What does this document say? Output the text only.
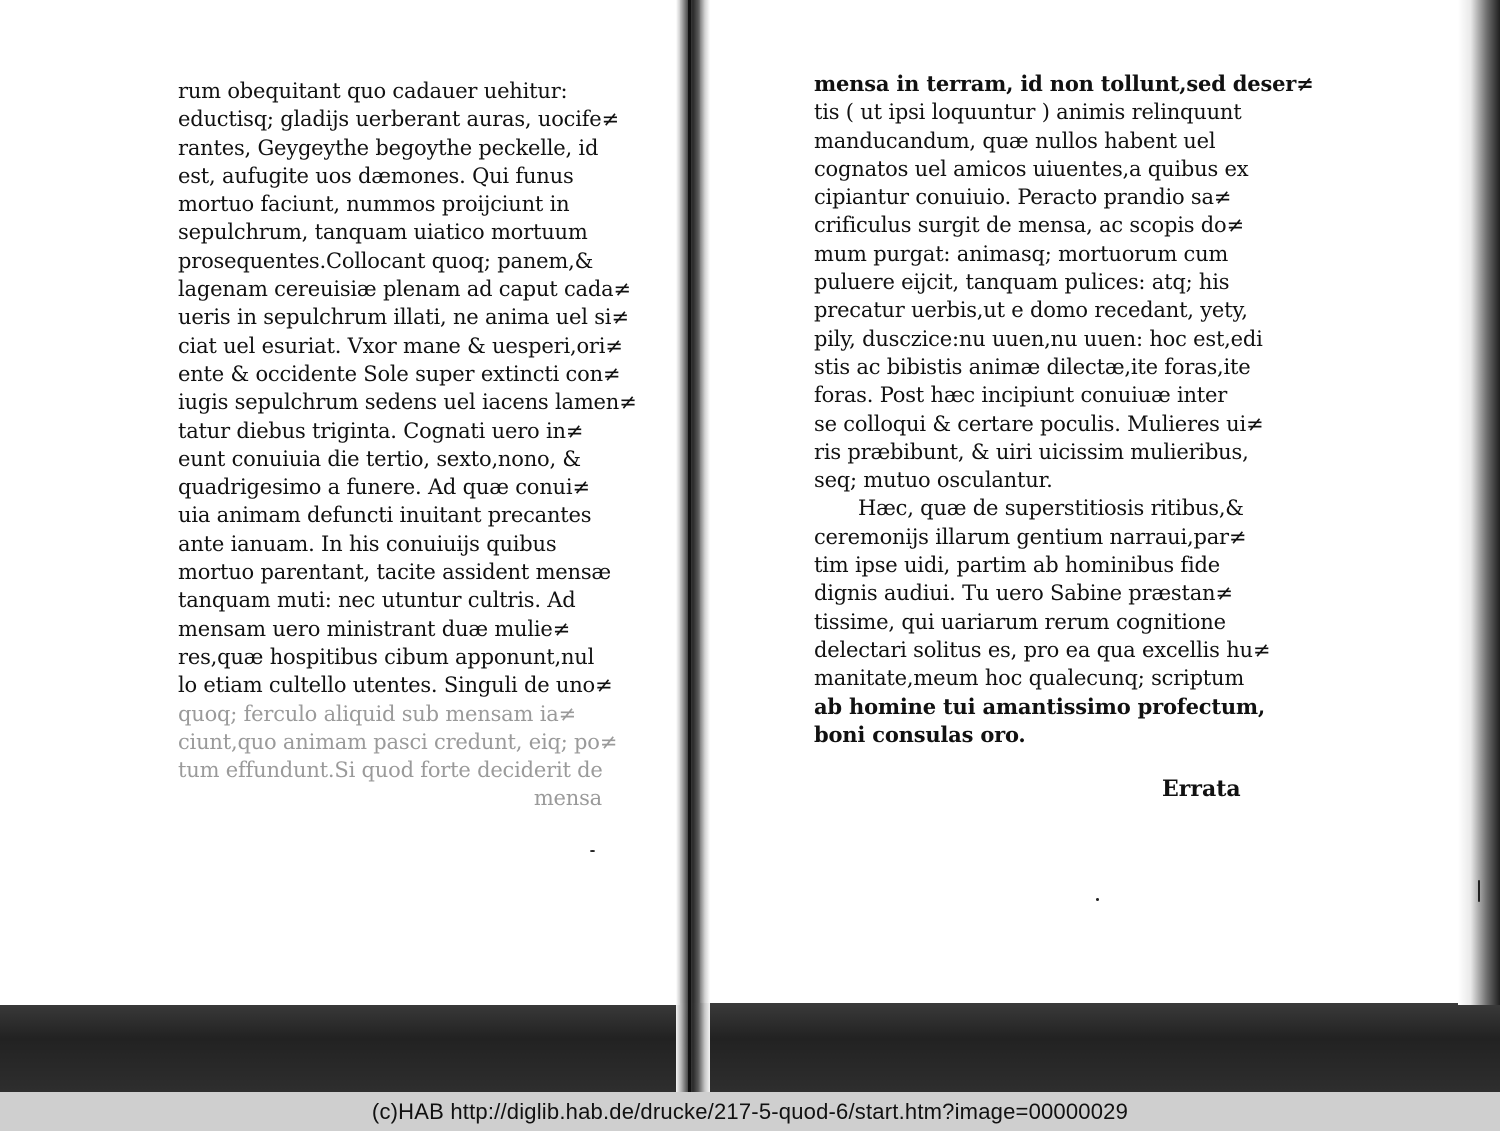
rum obequitant quo cadauer uehitur:
eductisq; gladijs uerberant auras, uocife≠
rantes, Geygeythe begoythe peckelle, id
est, aufugite uos dæmones. Qui funus
mortuo faciunt, nummos proijciunt in
sepulchrum, tanquam uiatico mortuum
prosequentes.Collocant quoq; panem,&
lagenam cereuisiæ plenam ad caput cada≠
ueris in sepulchrum illati, ne anima uel si≠
ciat uel esuriat. Vxor mane & uesperi,ori≠
ente & occidente Sole super extincti con≠
iugis sepulchrum sedens uel iacens lamen≠
tatur diebus triginta. Cognati uero in≠
eunt conuiuia die tertio, sexto,nono, &
quadrigesimo a funere. Ad quæ conui≠
uia animam defuncti inuitant precantes
ante ianuam. In his conuiuijs quibus
mortuo parentant, tacite assident mensæ
tanquam muti: nec utuntur cultris. Ad
mensam uero ministrant duæ mulie≠
res,quæ hospitibus cibum apponunt,nul
lo etiam cultello utentes. Singuli de uno≠
quoq; ferculo aliquid sub mensam ia≠
ciunt,quo animam pasci credunt, eiq; po≠
tum effundunt.Si quod forte deciderit de
mensa
mensa in terram, id non tollunt,sed deser≠
tis ( ut ipsi loquuntur ) animis relinquunt
manducandum, quæ nullos habent uel
cognatos uel amicos uiuentes,a quibus ex
cipiantur conuiuio. Peracto prandio sa≠
crificulus surgit de mensa, ac scopis do≠
mum purgat: animasq; mortuorum cum
puluere eijcit, tanquam pulices: atq; his
precatur uerbis,ut e domo recedant, yety,
pily, dusczice:nu uuen,nu uuen: hoc est,edi
stis ac bibistis animæ dilectæ,ite foras,ite
foras. Post hæc incipiunt conuiuæ inter
se colloqui & certare poculis. Mulieres ui≠
ris præbibunt, & uiri uicissim mulieribus,
seq; mutuo osculantur.
Hæc, quæ de superstitiosis ritibus,&
ceremonijs illarum gentium narraui,par≠
tim ipse uidi, partim ab hominibus fide
dignis audiui. Tu uero Sabine præstan≠
tissime, qui uariarum rerum cognitione
delectari solitus es, pro ea qua excellis hu≠
manitate,meum hoc qualecunq; scriptum
ab homine tui amantissimo profectum,
boni consulas oro.
Errata
(c)HAB http://diglib.hab.de/drucke/217-5-quod-6/start.htm?image=00000029
